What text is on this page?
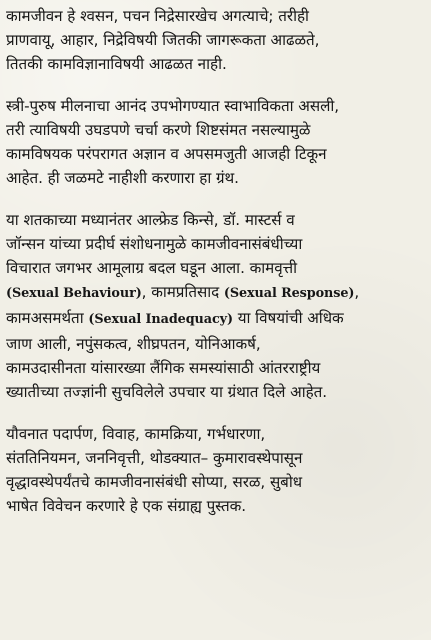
कामजीवन हे श्वसन, पचन निद्रेसारखेच अगत्याचे; तरीही
प्राणवायू, आहार, निद्रेविषयी जितकी जागरूकता आढळते,
तितकी कामविज्ञानाविषयी आढळत नाही.

स्त्री-पुरुष मीलनाचा आनंद उपभोगण्यात स्वाभाविकता असली,
तरी त्याविषयी उघडपणे चर्चा करणे शिष्टसंमत नसल्यामुळे
कामविषयक परंपरागत अज्ञान व अपसमजुती आजही टिकून
आहेत. ही जळमटे नाहीशी करणारा हा ग्रंथ.

या शतकाच्या मध्यानंतर आल्फ्रेड किन्से, डॉ. मास्टर्स व
जॉन्सन यांच्या प्रदीर्घ संशोधनामुळे कामजीवनासंबंधीच्या
विचारात जगभर आमूलाग्र बदल घडून आला. कामवृत्ती
(Sexual Behaviour), कामप्रतिसाद (Sexual Response),
कामअसमर्थता (Sexual Inadequacy) या विषयांची अधिक
जाण आली, नपुंसकत्व, शीघ्रपतन, योनिआकर्ष,
कामउदासीनता यांसारख्या लैंगिक समस्यांसाठी आंतरराष्ट्रीय
ख्यातीच्या तज्ज्ञांनी सुचविलेले उपचार या ग्रंथात दिले आहेत.

यौवनात पदार्पण, विवाह, कामक्रिया, गर्भधारणा,
संततिनियमन, जननिवृत्ती, थोडक्यात– कुमारावस्थेपासून
वृद्धावस्थेपर्यंतचे कामजीवनासंबंधी सोप्या, सरळ, सुबोध
भाषेत विवेचन करणारे हे एक संग्राह्य पुस्तक.
